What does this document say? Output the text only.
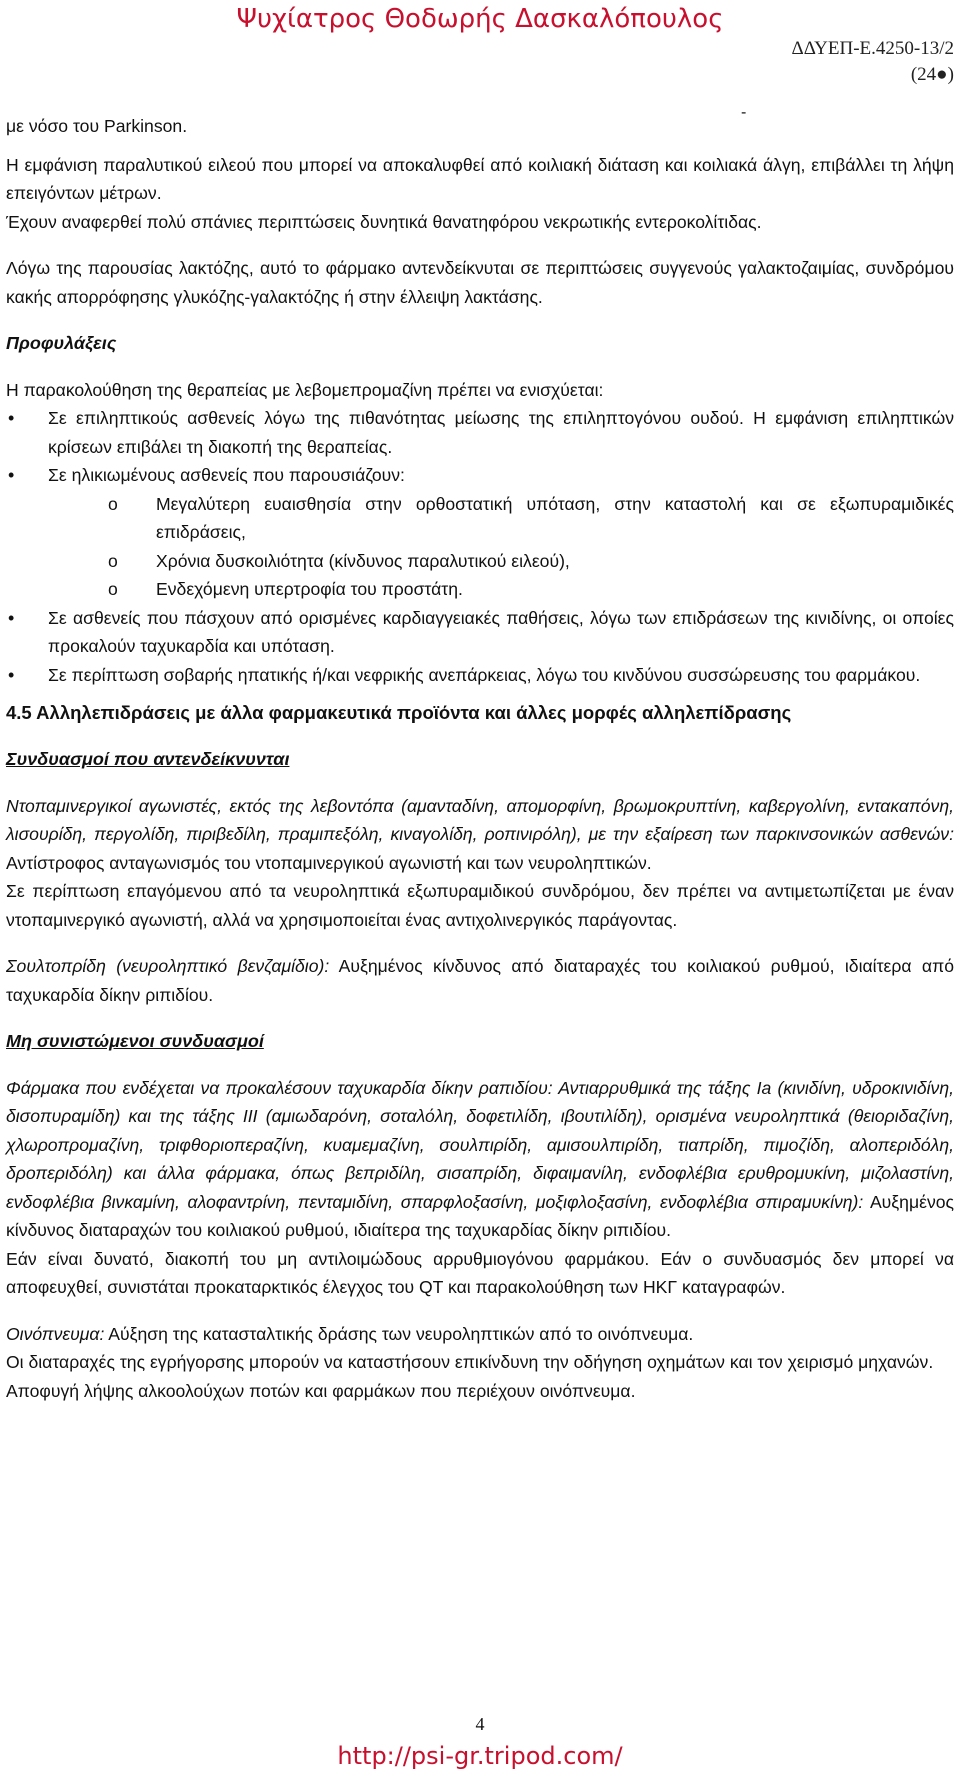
Ψυχίατρος Θοδωρής Δασκαλόπουλος
ΔΔΥΕΠ-Ε.4250-13/2
(24●)
-

με νόσο του Parkinson.

Η εμφάνιση παραλυτικού ειλεού που μπορεί να αποκαλυφθεί από κοιλιακή διάταση και κοιλιακά άλγη, επιβάλλει τη λήψη επειγόντων μέτρων.

Έχουν αναφερθεί πολύ σπάνιες περιπτώσεις δυνητικά θανατηφόρου νεκρωτικής εντεροκολίτιδας.

Λόγω της παρουσίας λακτόζης, αυτό το φάρμακο αντενδείκνυται σε περιπτώσεις συγγενούς γαλακτοζαιμίας, συνδρόμου κακής απορρόφησης γλυκόζης-γαλακτόζης ή στην έλλειψη λακτάσης.

Προφυλάξεις

Η παρακολούθηση της θεραπείας με λεβομεπρομαζίνη πρέπει να ενισχύεται:

• Σε επιληπτικούς ασθενείς λόγω της πιθανότητας μείωσης της επιληπτογόνου ουδού. Η εμφάνιση επιληπτικών κρίσεων επιβάλει τη διακοπή της θεραπείας.
• Σε ηλικιωμένους ασθενείς που παρουσιάζουν:
o Μεγαλύτερη ευαισθησία στην ορθοστατική υπόταση, στην καταστολή και σε εξωπυραμιδικές επιδράσεις,
o Χρόνια δυσκοιλιότητα (κίνδυνος παραλυτικού ειλεού),
o Ενδεχόμενη υπερτροφία του προστάτη.
• Σε ασθενείς που πάσχουν από ορισμένες καρδιαγγειακές παθήσεις, λόγω των επιδράσεων της κινιδίνης, οι οποίες προκαλούν ταχυκαρδία και υπόταση.
• Σε περίπτωση σοβαρής ηπατικής ή/και νεφρικής ανεπάρκειας, λόγω του κινδύνου συσσώρευσης του φαρμάκου.
4.5 Αλληλεπιδράσεις με άλλα φαρμακευτικά προϊόντα και άλλες μορφές αλληλεπίδρασης
Συνδυασμοί που αντενδείκνυνται

Ντοπαμινεργικοί αγωνιστές, εκτός της λεβοντόπα (αμανταδίνη, απομορφίνη, βρωμοκρυπτίνη, καβεργολίνη, εντακαπόνη, λισουρίδη, περγολίδη, πιριβεδίλη, πραμιπεξόλη, κιναγολίδη, ροπινιρόλη), με την εξαίρεση των παρκινσονικών ασθενών: Αντίστροφος ανταγωνισμός του ντοπαμινεργικού αγωνιστή και των νευροληπτικών.

Σε περίπτωση επαγόμενου από τα νευροληπτικά εξωπυραμιδικού συνδρόμου, δεν πρέπει να αντιμετωπίζεται με έναν ντοπαμινεργικό αγωνιστή, αλλά να χρησιμοποιείται ένας αντιχολινεργικός παράγοντας.

Σουλτοπρίδη (νευροληπτικό βενζαμίδιο): Αυξημένος κίνδυνος από διαταραχές του κοιλιακού ρυθμού, ιδιαίτερα από ταχυκαρδία δίκην ριπιδίου.

Μη συνιστώμενοι συνδυασμοί

Φάρμακα που ενδέχεται να προκαλέσουν ταχυκαρδία δίκην ραπιδίου: Αντιαρρυθμικά της τάξης Ia (κινιδίνη, υδροκινιδίνη, δισοπυραμίδη) και της τάξης III (αμιωδαρόνη, σοταλόλη, δοφετιλίδη, ιβουτιλίδη), ορισμένα νευροληπτικά (θειοριδαζίνη, χλωροπρομαζίνη, τριφθοριοπεραζίνη, κυαμεμαζίνη, σουλπιρίδη, αμισουλπιρίδη, τιαπρίδη, πιμοζίδη, αλοπεριδόλη, δροπεριδόλη) και άλλα φάρμακα, όπως βεπριδίλη, σισαπρίδη, διφαιμανίλη, ενδοφλέβια ερυθρομυκίνη, μιζολαστίνη, ενδοφλέβια βινκαμίνη, αλοφαντρίνη, πενταμιδίνη, σπαρφλοξασίνη, μοξιφλοξασίνη, ενδοφλέβια σπιραμυκίνη): Αυξημένος κίνδυνος διαταραχών του κοιλιακού ρυθμού, ιδιαίτερα της ταχυκαρδίας δίκην ριπιδίου.

Εάν είναι δυνατό, διακοπή του μη αντιλοιμώδους αρρυθμιογόνου φαρμάκου. Εάν ο συνδυασμός δεν μπορεί να αποφευχθεί, συνιστάται προκαταρκτικός έλεγχος του QT και παρακολούθηση των ΗΚΓ καταγραφών.

Οινόπνευμα: Αύξηση της κατασταλτικής δράσης των νευροληπτικών από το οινόπνευμα.

Οι διαταραχές της εγρήγορσης μπορούν να καταστήσουν επικίνδυνη την οδήγηση οχημάτων και τον χειρισμό μηχανών.

Αποφυγή λήψης αλκοολούχων ποτών και φαρμάκων που περιέχουν οινόπνευμα.

4
http://psi-gr.tripod.com/
